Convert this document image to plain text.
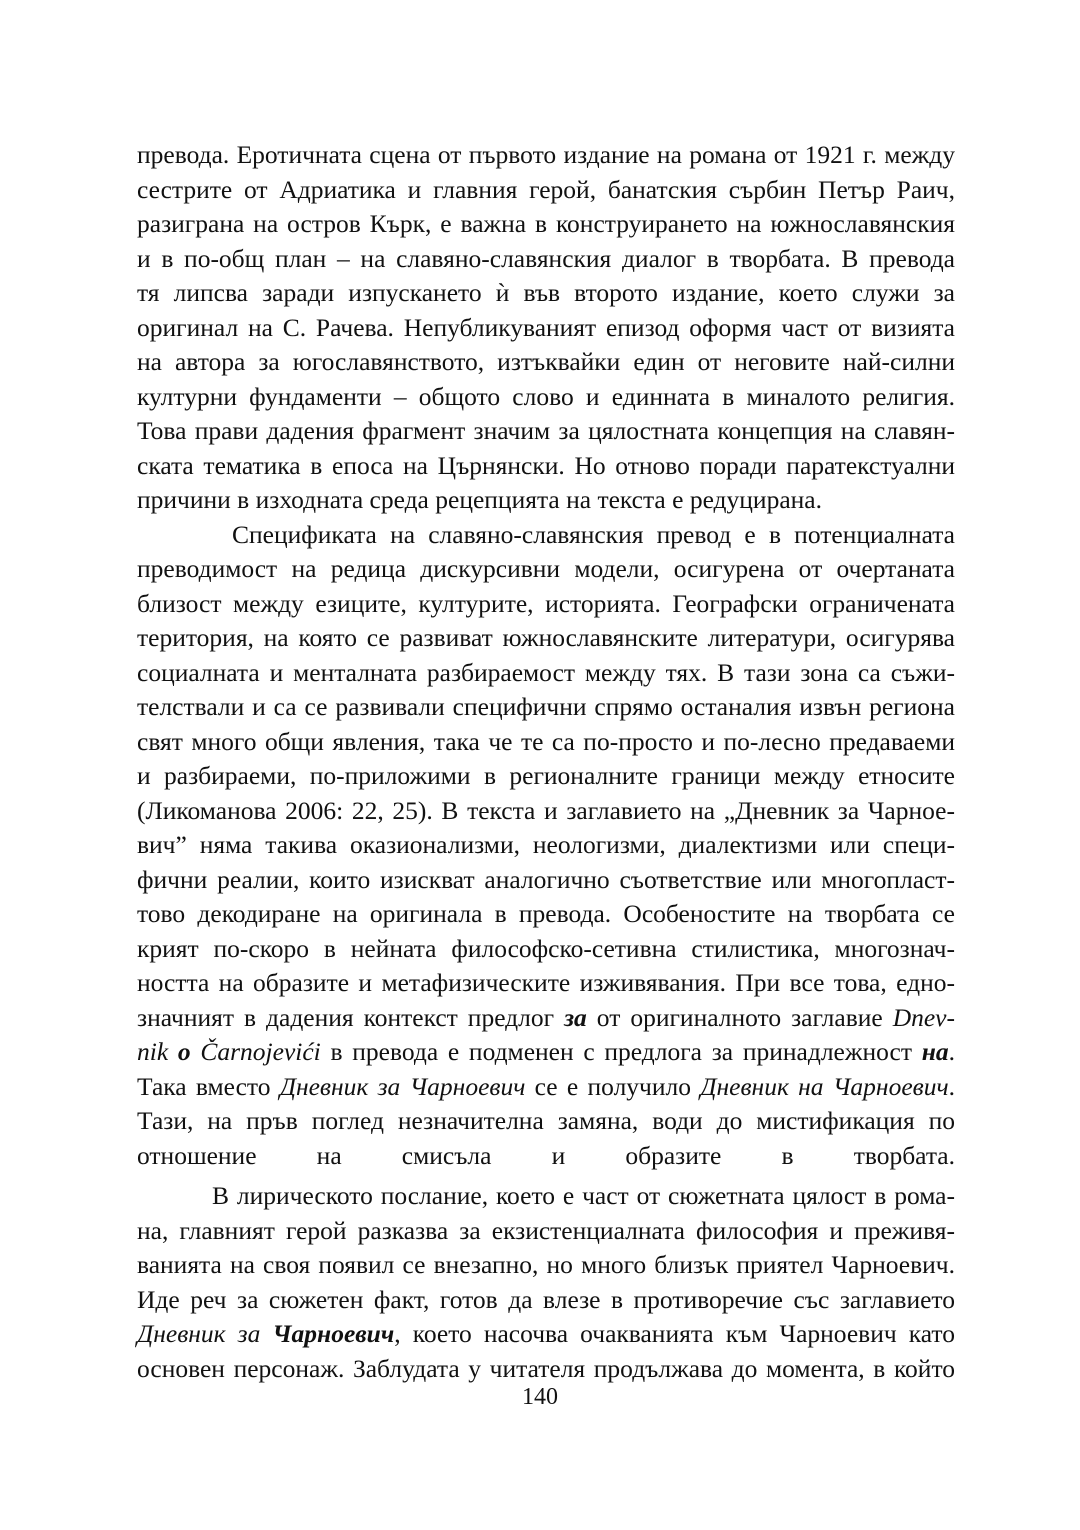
превода. Еротичната сцена от първото издание на романа от 1921 г. между
сестрите от Адриатика и главния герой, банатския сърбин Петър Раич,
разиграна на остров Кърк, е важна в конструирането на южнославянския
и в по-общ план – на славяно-славянския диалог в творбата. В превода
тя липсва заради изпускането ѝ във второто издание, което служи за
оригинал на С. Рачева. Непубликуваният епизод оформя част от визията
на автора за югославянството, изтъквайки един от неговите най-силни
културни фундаменти – общото слово и единната в миналото религия.
Това прави дадения фрагмент значим за цялостната концепция на славян-
ската тематика в епоса на Църнянски. Но отново поради паратекстуални
причини в изходната среда рецепцията на текста е редуцирана.
Спецификата на славяно-славянския превод е в потенциалната
преводимост на редица дискурсивни модели, осигурена от очертаната
близост между езиците, културите, историята. Географски ограничената
територия, на която се развиват южнославянските литератури, осигурява
социалната и менталната разбираемост между тях. В тази зона са съжи-
телствали и са се развивали специфични спрямо останалия извън региона
свят много общи явления, така че те са по-просто и по-лесно предаваеми
и разбираеми, по-приложими в регионалните граници между етносите
(Ликоманова 2006: 22, 25). В текста и заглавието на „Дневник за Чарное-
вич” няма такива оказионализми, неологизми, диалектизми или специ-
фични реалии, които изискват аналогично съответствие или многопласт-
тово декодиране на оригинала в превода. Особеностите на творбата се
крият по-скоро в нейната философско-сетивна стилистика, многознач-
ността на образите и метафизическите изживявания. При все това, едно-
значният в дадения контекст предлог за от оригиналното заглавие Dnev-
nik o Čarnojevići в превода е подменен с предлога за принадлежност на.
Така вместо Дневник за Чарноевич се е получило Дневник на Чарноевич.
Тази, на пръв поглед незначителна замяна, води до мистификация по
отношение на смисъла и образите в творбата.
В лирическото послание, което е част от сюжетната цялост в рома-
на, главният герой разказва за екзистенциалната философия и преживя-
ванията на своя появил се внезапно, но много близък приятел Чарноевич.
Иде реч за сюжетен факт, готов да влезе в противоречие със заглавието
Дневник за Чарноевич, което насочва очакванията към Чарноевич като
основен персонаж. Заблудата у читателя продължава до момента, в който
140
